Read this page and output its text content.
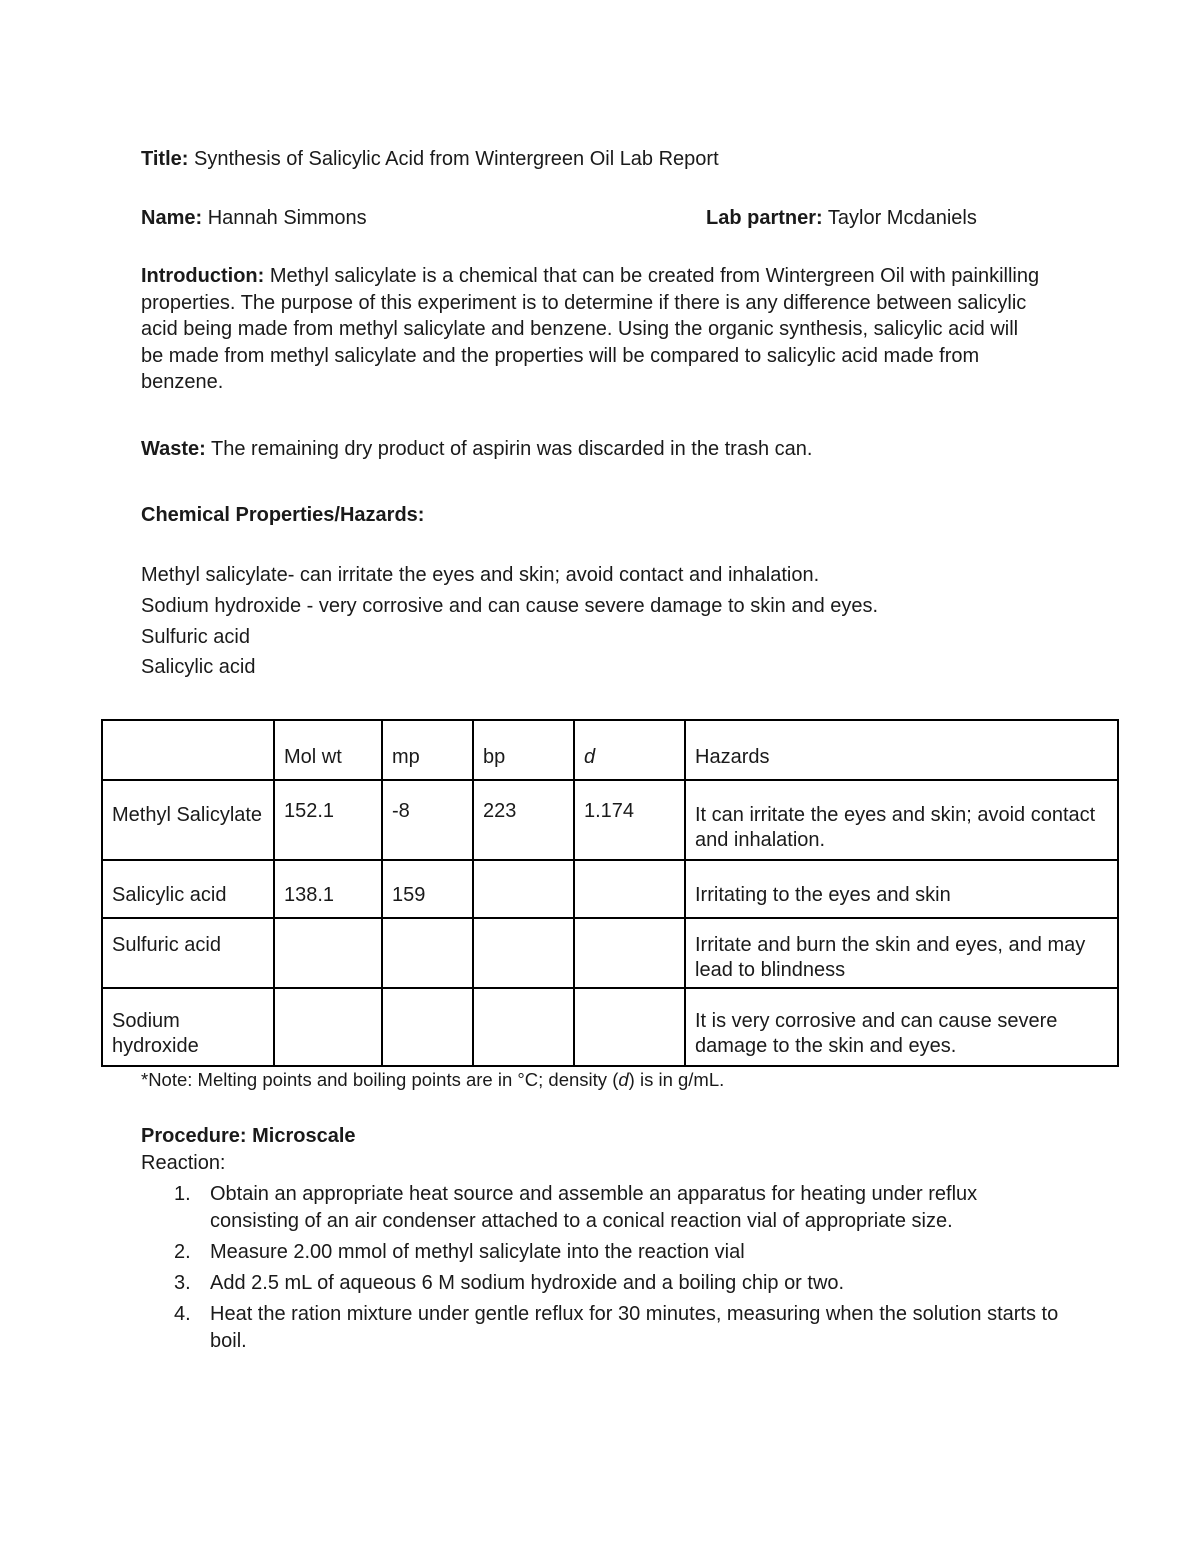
Title: Synthesis of Salicylic Acid from Wintergreen Oil Lab Report

Name: Hannah Simmons	Lab partner: Taylor Mcdaniels

Introduction: Methyl salicylate is a chemical that can be created from Wintergreen Oil with painkilling properties. The purpose of this experiment is to determine if there is any difference between salicylic acid being made from methyl salicylate and benzene. Using the organic synthesis, salicylic acid will be made from methyl salicylate and the properties will be compared to salicylic acid made from benzene.

Waste: The remaining dry product of aspirin was discarded in the trash can.

Chemical Properties/Hazards:

Methyl salicylate- can irritate the eyes and skin; avoid contact and inhalation.

Sodium hydroxide - very corrosive and can cause severe damage to skin and eyes.

Sulfuric acid

Salicylic acid

	Mol wt	mp	bp	d	Hazards
Methyl Salicylate	152.1	-8	223	1.174	It can irritate the eyes and skin; avoid contact and inhalation.
Salicylic acid	138.1	159			Irritating to the eyes and skin
Sulfuric acid					Irritate and burn the skin and eyes, and may lead to blindness
Sodium hydroxide					It is very corrosive and can cause severe damage to the skin and eyes.

*Note: Melting points and boiling points are in °C; density (d) is in g/mL.

Procedure: Microscale

Reaction:

1. Obtain an appropriate heat source and assemble an apparatus for heating under reflux consisting of an air condenser attached to a conical reaction vial of appropriate size.
2. Measure 2.00 mmol of methyl salicylate into the reaction vial
3. Add 2.5 mL of aqueous 6 M sodium hydroxide and a boiling chip or two.
4. Heat the ration mixture under gentle reflux for 30 minutes, measuring when the solution starts to boil.
